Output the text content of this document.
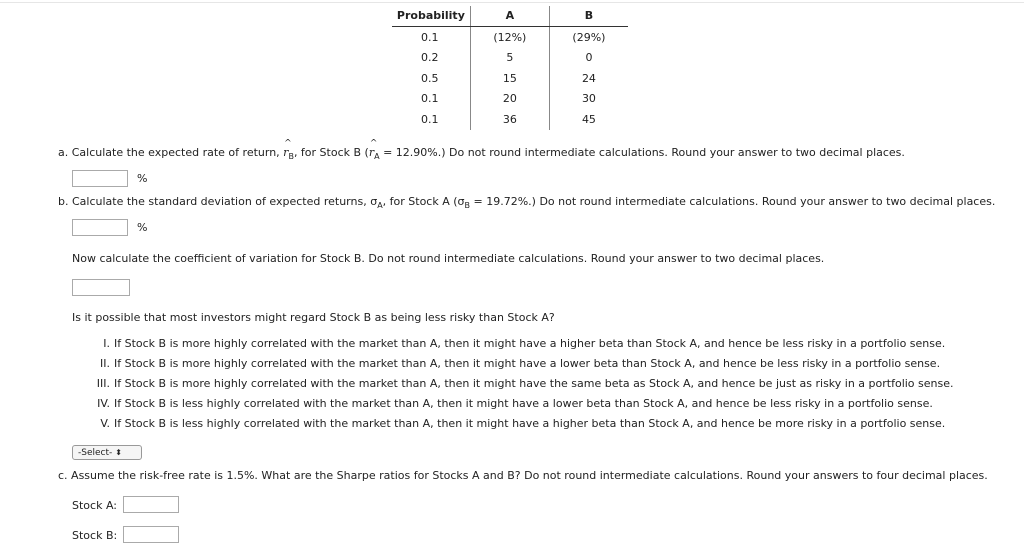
Probability	A	B
0.1	(12%)	(29%)
0.2	5	0
0.5	15	24
0.1	20	30
0.1	36	45
a. Calculate the expected rate of return, r
^
$_B$, for Stock B (r
^
$_A$ = 12.90%.) Do not round intermediate calculations. Round your answer to two decimal places.
%
b. Calculate the standard deviation of expected returns, $\sigma_A$, for Stock A $(\sigma_B = 19.72\%.)$ Do not round intermediate calculations. Round your answer to two decimal places.
%
Now calculate the coefficient of variation for Stock B. Do not round intermediate calculations. Round your answer to two decimal places.
Is it possible that most investors might regard Stock B as being less risky than Stock A?
I. If Stock B is more highly correlated with the market than A, then it might have a higher beta than Stock A, and hence be less risky in a portfolio sense.
II. If Stock B is more highly correlated with the market than A, then it might have a lower beta than Stock A, and hence be less risky in a portfolio sense.
III. If Stock B is more highly correlated with the market than A, then it might have the same beta as Stock A, and hence be just as risky in a portfolio sense.
IV. If Stock B is less highly correlated with the market than A, then it might have a lower beta than Stock A, and hence be less risky in a portfolio sense.
V. If Stock B is less highly correlated with the market than A, then it might have a higher beta than Stock A, and hence be more risky in a portfolio sense.
-Select- ⬍
c. Assume the risk-free rate is 1.5%. What are the Sharpe ratios for Stocks A and B? Do not round intermediate calculations. Round your answers to four decimal places.
Stock A:
Stock B:
